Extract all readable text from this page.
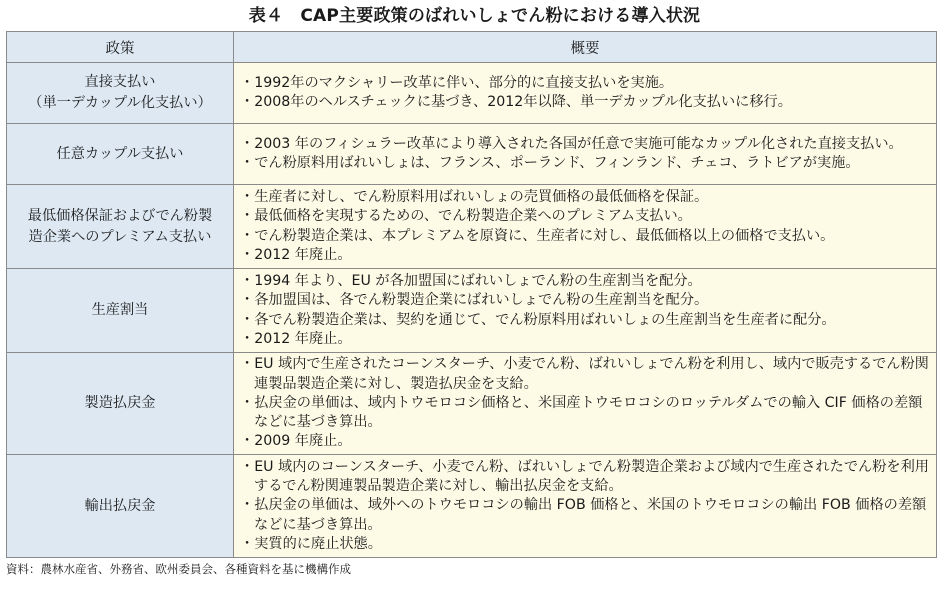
表４　CAP主要政策のばれいしょでん粉における導入状況
政策	概要

直接支払い
（単一デカップル化支払い）	・1992年のマクシャリー改革に伴い、部分的に直接支払いを実施。
・2008年のヘルスチェックに基づき、2012年以降、単一デカップル化支払いに移行。

任意カップル支払い	・2003 年のフィシュラー改革により導入された各国が任意で実施可能なカップル化された直接支払い。
・でん粉原料用ばれいしょは、フランス、ポーランド、フィンランド、チェコ、ラトビアが実施。

最低価格保証およびでん粉製
造企業へのプレミアム支払い	・生産者に対し、でん粉原料用ばれいしょの売買価格の最低価格を保証。
・最低価格を実現するための、でん粉製造企業へのプレミアム支払い。
・でん粉製造企業は、本プレミアムを原資に、生産者に対し、最低価格以上の価格で支払い。
・2012 年廃止。

生産割当	・1994 年より、EU が各加盟国にばれいしょでん粉の生産割当を配分。
・各加盟国は、各でん粉製造企業にばれいしょでん粉の生産割当を配分。
・各でん粉製造企業は、契約を通じて、でん粉原料用ばれいしょの生産割当を生産者に配分。
・2012 年廃止。

製造払戻金	・EU 域内で生産されたコーンスターチ、小麦でん粉、ばれいしょでん粉を利用し、域内で販売するでん粉関連製品製造企業に対し、製造払戻金を支給。
・払戻金の単価は、域内トウモロコシ価格と、米国産トウモロコシのロッテルダムでの輸入 CIF 価格の差額などに基づき算出。
・2009 年廃止。

輸出払戻金	・EU 域内のコーンスターチ、小麦でん粉、ばれいしょでん粉製造企業および域内で生産されたでん粉を利用するでん粉関連製品製造企業に対し、輸出払戻金を支給。
・払戻金の単価は、域外へのトウモロコシの輸出 FOB 価格と、米国のトウモロコシの輸出 FOB 価格の差額などに基づき算出。
・実質的に廃止状態。
資料：農林水産省、外務省、欧州委員会、各種資料を基に機構作成
